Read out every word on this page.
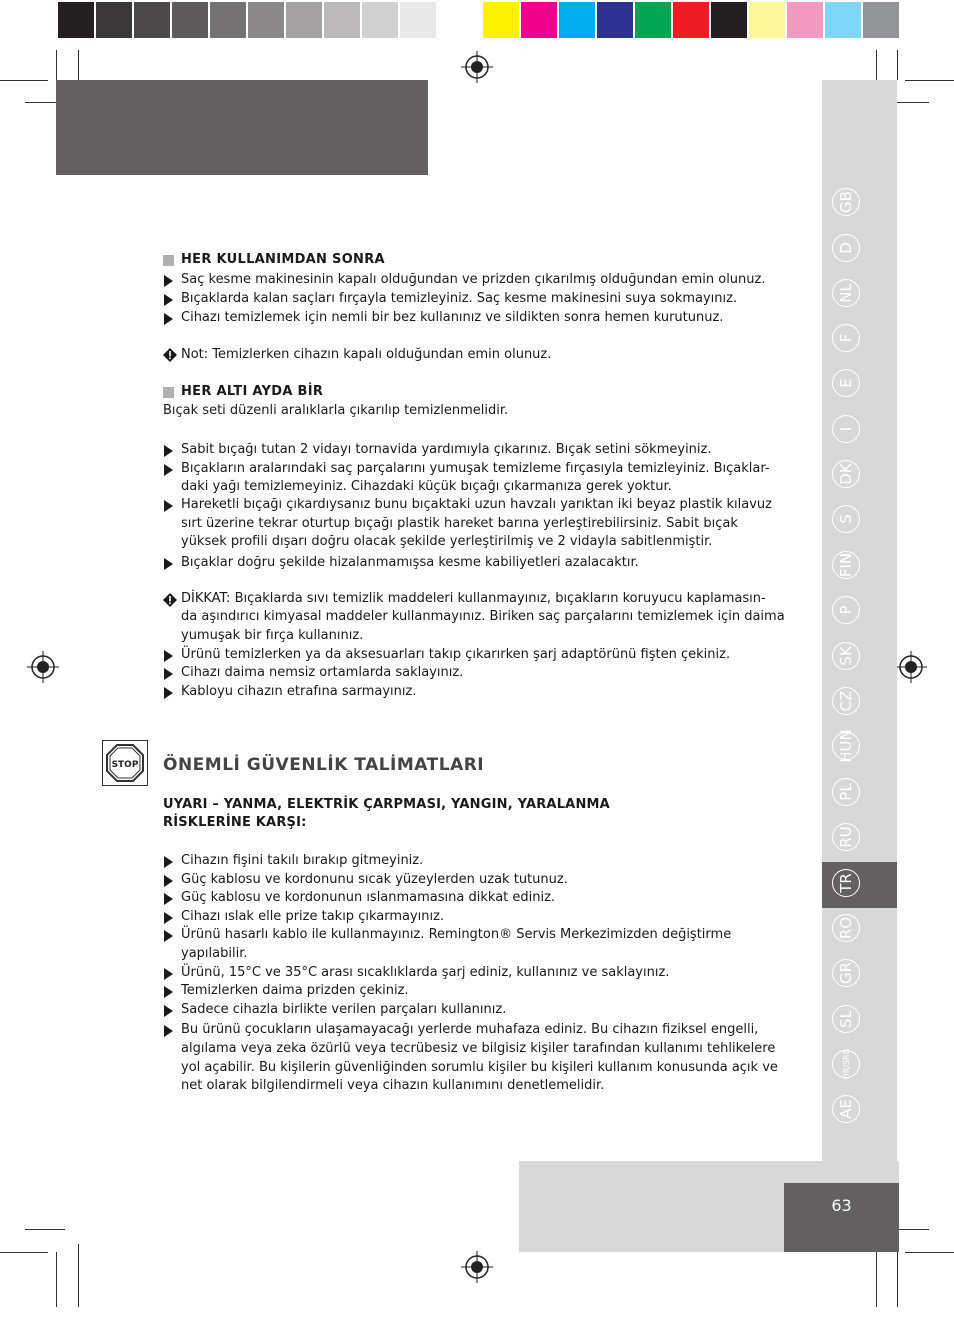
GB
D
NL
F
E
I
DK
S
FIN
P
SK
CZ
HUN
PL
RU
TR
RO
GR
SL
HR/SRB
AE
63
HER KULLANIMDAN SONRA
Saç kesme makinesinin kapalı olduğundan ve prizden çıkarılmış olduğundan emin olunuz.
Bıçaklarda kalan saçları fırçayla temizleyiniz. Saç kesme makinesini suya sokmayınız.
Cihazı temizlemek için nemli bir bez kullanınız ve sildikten sonra hemen kurutunuz.
Not: Temizlerken cihazın kapalı olduğundan emin olunuz.
HER ALTI AYDA BİR
Bıçak seti düzenli aralıklarla çıkarılıp temizlenmelidir.
Sabit bıçağı tutan 2 vidayı tornavida yardımıyla çıkarınız. Bıçak setini sökmeyiniz.
Bıçakların aralarındaki saç parçalarını yumuşak temizleme fırçasıyla temizleyiniz. Bıçaklar-
daki yağı temizlemeyiniz. Cihazdaki küçük bıçağı çıkarmanıza gerek yoktur.
Hareketli bıçağı çıkardıysanız bunu bıçaktaki uzun havzalı yarıktan iki beyaz plastik kılavuz
sırt üzerine tekrar oturtup bıçağı plastik hareket barına yerleştirebilirsiniz. Sabit bıçak
yüksek profili dışarı doğru olacak şekilde yerleştirilmiş ve 2 vidayla sabitlenmiştir.
Bıçaklar doğru şekilde hizalanmamışsa kesme kabiliyetleri azalacaktır.
DİKKAT: Bıçaklarda sıvı temizlik maddeleri kullanmayınız, bıçakların koruyucu kaplamasın-
da aşındırıcı kimyasal maddeler kullanmayınız. Biriken saç parçalarını temizlemek için daima
yumuşak bir fırça kullanınız.
Ürünü temizlerken ya da aksesuarları takıp çıkarırken şarj adaptörünü fişten çekiniz.
Cihazı daima nemsiz ortamlarda saklayınız.
Kabloyu cihazın etrafına sarmayınız.
STOP ÖNEMLİ GÜVENLİK TALİMATLARI
UYARI – YANMA, ELEKTRİK ÇARPMASI, YANGIN, YARALANMA
RİSKLERİNE KARŞI:
Cihazın fişini takılı bırakıp gitmeyiniz.
Güç kablosu ve kordonunu sıcak yüzeylerden uzak tutunuz.
Güç kablosu ve kordonunun ıslanmamasına dikkat ediniz.
Cihazı ıslak elle prize takıp çıkarmayınız.
Ürünü hasarlı kablo ile kullanmayınız. Remington® Servis Merkezimizden değiştirme
yapılabilir.
Ürünü, 15°C ve 35°C arası sıcaklıklarda şarj ediniz, kullanınız ve saklayınız.
Temizlerken daima prizden çekiniz.
Sadece cihazla birlikte verilen parçaları kullanınız.
Bu ürünü çocukların ulaşamayacağı yerlerde muhafaza ediniz. Bu cihazın fiziksel engelli,
algılama veya zeka özürlü veya tecrübesiz ve bilgisiz kişiler tarafından kullanımı tehlikelere
yol açabilir. Bu kişilerin güvenliğinden sorumlu kişiler bu kişileri kullanım konusunda açık ve
net olarak bilgilendirmeli veya cihazın kullanımını denetlemelidir.
